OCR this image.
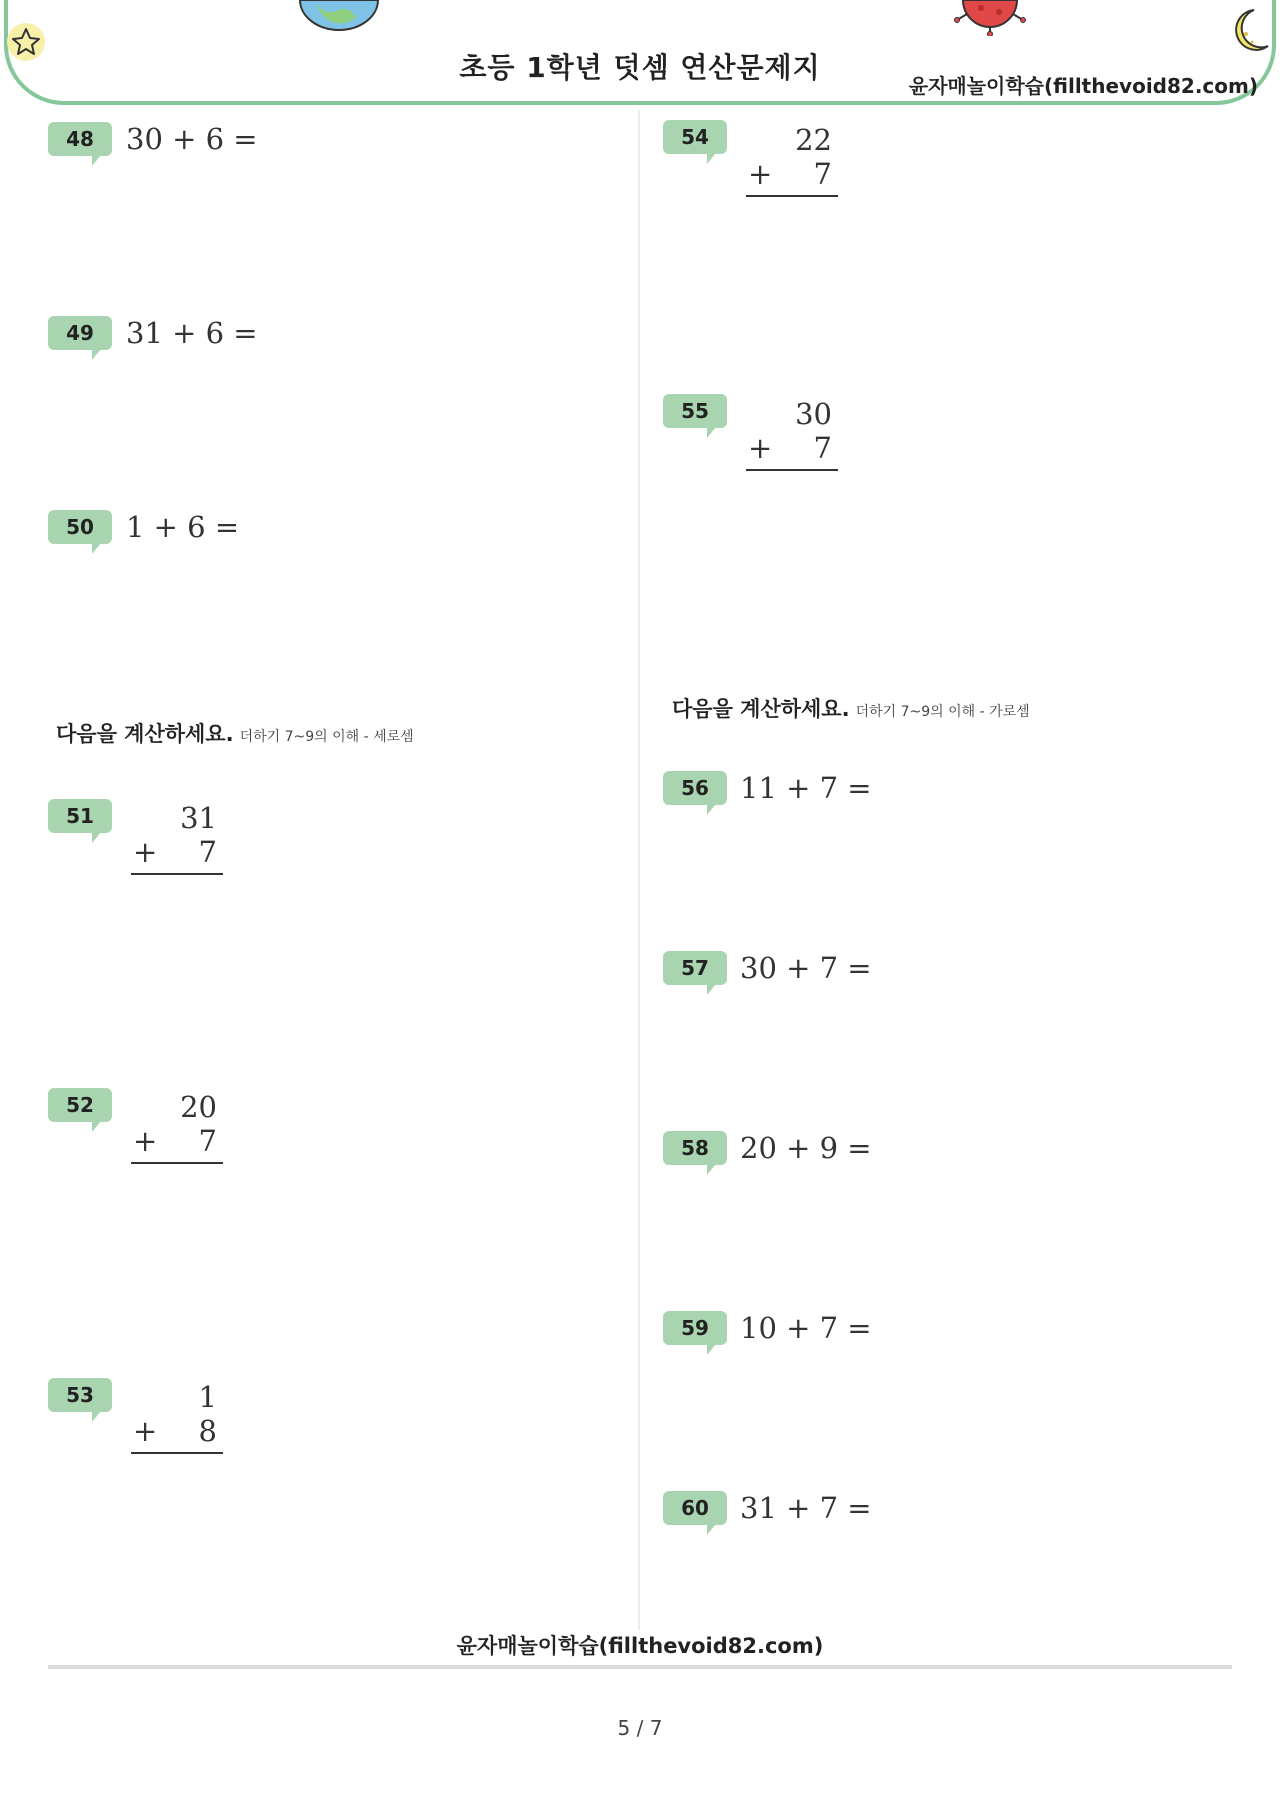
초등 1학년 덧셈 연산문제지
윤자매놀이학습(fillthevoid82.com)
48	30 + 6 =
49	31 + 6 =
50	1 + 6 =
다음을 계산하세요. 더하기 7~9의 이해 - 세로셈
51	31
+ 7
52	20
+ 7
53	1
+ 8
54	22
+ 7
55	30
+ 7
다음을 계산하세요. 더하기 7~9의 이해 - 가로셈
56	11 + 7 =
57	30 + 7 =
58	20 + 9 =
59	10 + 7 =
60	31 + 7 =
윤자매놀이학습(fillthevoid82.com)
5 / 7
